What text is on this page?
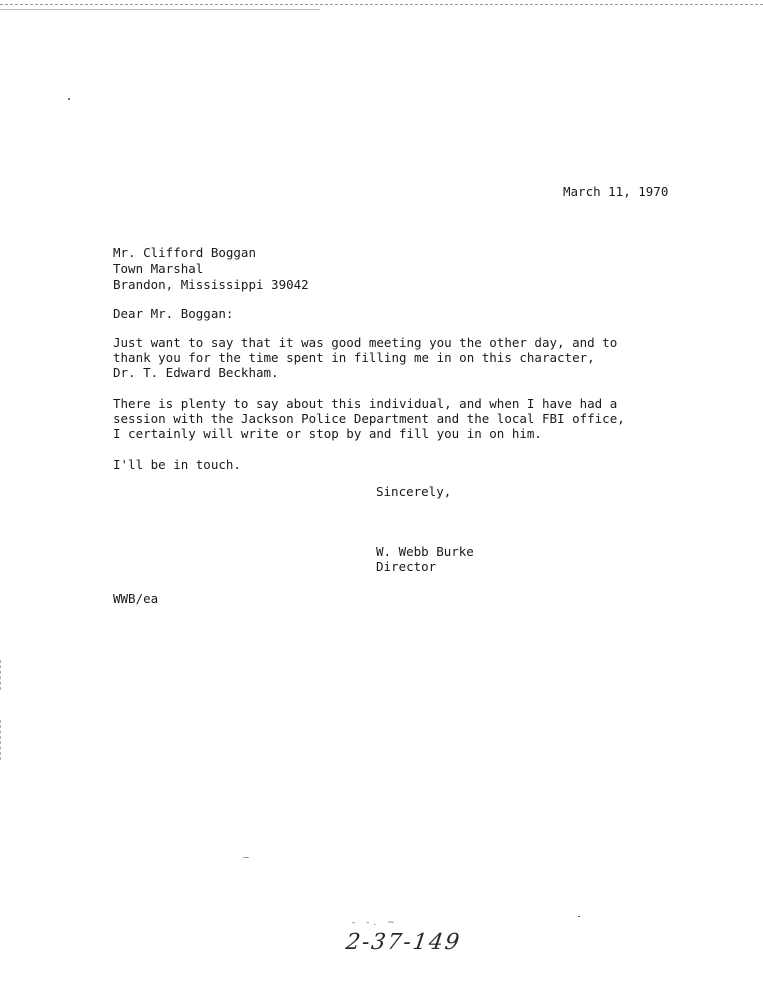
March 11, 1970
Mr. Clifford Boggan
Town Marshal
Brandon, Mississippi 39042
Dear Mr. Boggan:
Just want to say that it was good meeting you the other day, and to
thank you for the time spent in filling me in on this character,
Dr. T. Edward Beckham.
There is plenty to say about this individual, and when I have had a
session with the Jackson Police Department and the local FBI office,
I certainly will write or stop by and fill you in on him.
I'll be in touch.
Sincerely,
W. Webb Burke
Director
WWB/ea
- -. ~
2-37-149
